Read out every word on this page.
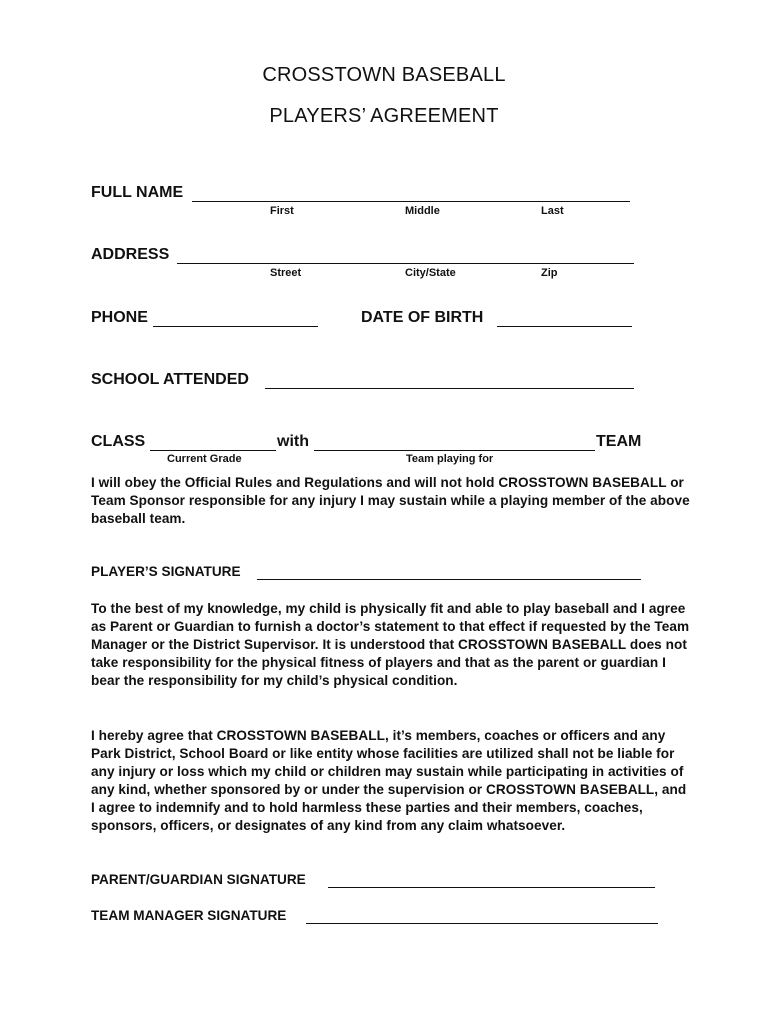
CROSSTOWN BASEBALL
PLAYERS’ AGREEMENT
FULL NAME
First	Middle	Last
ADDRESS
Street	City/State	Zip
PHONE	DATE OF BIRTH
SCHOOL ATTENDED
CLASS	with	TEAM
Current Grade	Team playing for
I will obey the Official Rules and Regulations and will not hold CROSSTOWN BASEBALL or Team Sponsor responsible for any injury I may sustain while a playing member of the above baseball team.
PLAYER’S SIGNATURE
To the best of my knowledge, my child is physically fit and able to play baseball and I agree as Parent or Guardian to furnish a doctor’s statement to that effect if requested by the Team Manager or the District Supervisor. It is understood that CROSSTOWN BASEBALL does not take responsibility for the physical fitness of players and that as the parent or guardian I bear the responsibility for my child’s physical condition.
I hereby agree that CROSSTOWN BASEBALL, it’s members, coaches or officers and any Park District, School Board or like entity whose facilities are utilized shall not be liable for any injury or loss which my child or children may sustain while participating in activities of any kind, whether sponsored by or under the supervision or CROSSTOWN BASEBALL, and I agree to indemnify and to hold harmless these parties and their members, coaches, sponsors, officers, or designates of any kind from any claim whatsoever.
PARENT/GUARDIAN SIGNATURE
TEAM MANAGER SIGNATURE
